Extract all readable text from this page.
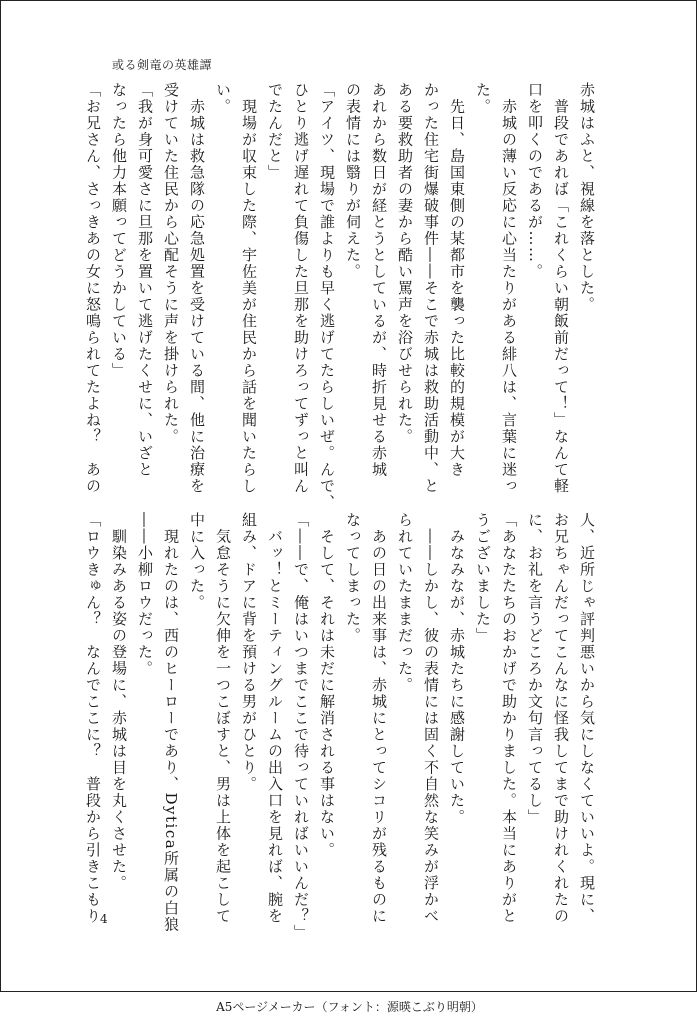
或る剣竜の英雄譚

赤城はふと、視線を落とした。

　普段であれば「これくらい朝飯前だって！」なんて軽

口を叩くのであるが……。

　赤城の薄い反応に心当たりがある緋八は、言葉に迷っ

た。

　先日、島国東側の某都市を襲った比較的規模が大き

かった住宅街爆破事件――そこで赤城は救助活動中、と

ある要救助者の妻から酷い罵声を浴びせられた。

あれから数日が経とうとしているが、時折見せる赤城

の表情には翳りが伺えた。

「アイツ、現場で誰よりも早く逃げてたらしいぜ。んで、

ひとり逃げ遅れて負傷した旦那を助けろってずっと叫ん

でたんだと」

　現場が収束した際、宇佐美が住民から話を聞いたらし

い。

　赤城は救急隊の応急処置を受けている間、他に治療を

受けていた住民から心配そうに声を掛けられた。

「我が身可愛さに旦那を置いて逃げたくせに、いざと

なったら他力本願ってどうかしている」

「お兄さん、さっきあの女に怒鳴られてたよね？　あの

人、近所じゃ評判悪いから気にしなくていいよ。現に、

お兄ちゃんだってこんなに怪我してまで助けれくれたの

に、お礼を言うどころか文句言ってるし」

「あなたたちのおかげで助かりました。本当にありがと

うございました」

　みなみなが、赤城たちに感謝していた。

　――しかし、彼の表情には固く不自然な笑みが浮かべ

られていたままだった。

　あの日の出来事は、赤城にとってシコリが残るものに

なってしまった。

　そして、それは未だに解消される事はない。

「――で、俺はいつまでここで待っていればいいんだ？」

　バッ！とミーティングルームの出入口を見れば、腕を

組み、ドアに背を預ける男がひとり。

　気怠そうに欠伸を一つこぼすと、男は上体を起こして

中に入った。

　現れたのは、西のヒーローであり、Dytica所属の白狼

――小柳ロウだった。

　馴染みある姿の登場に、赤城は目を丸くさせた。

「ロウきゅん？　なんでここに？　普段から引きこもり

4
A5ページメーカー（フォント：源暎こぶり明朝）
